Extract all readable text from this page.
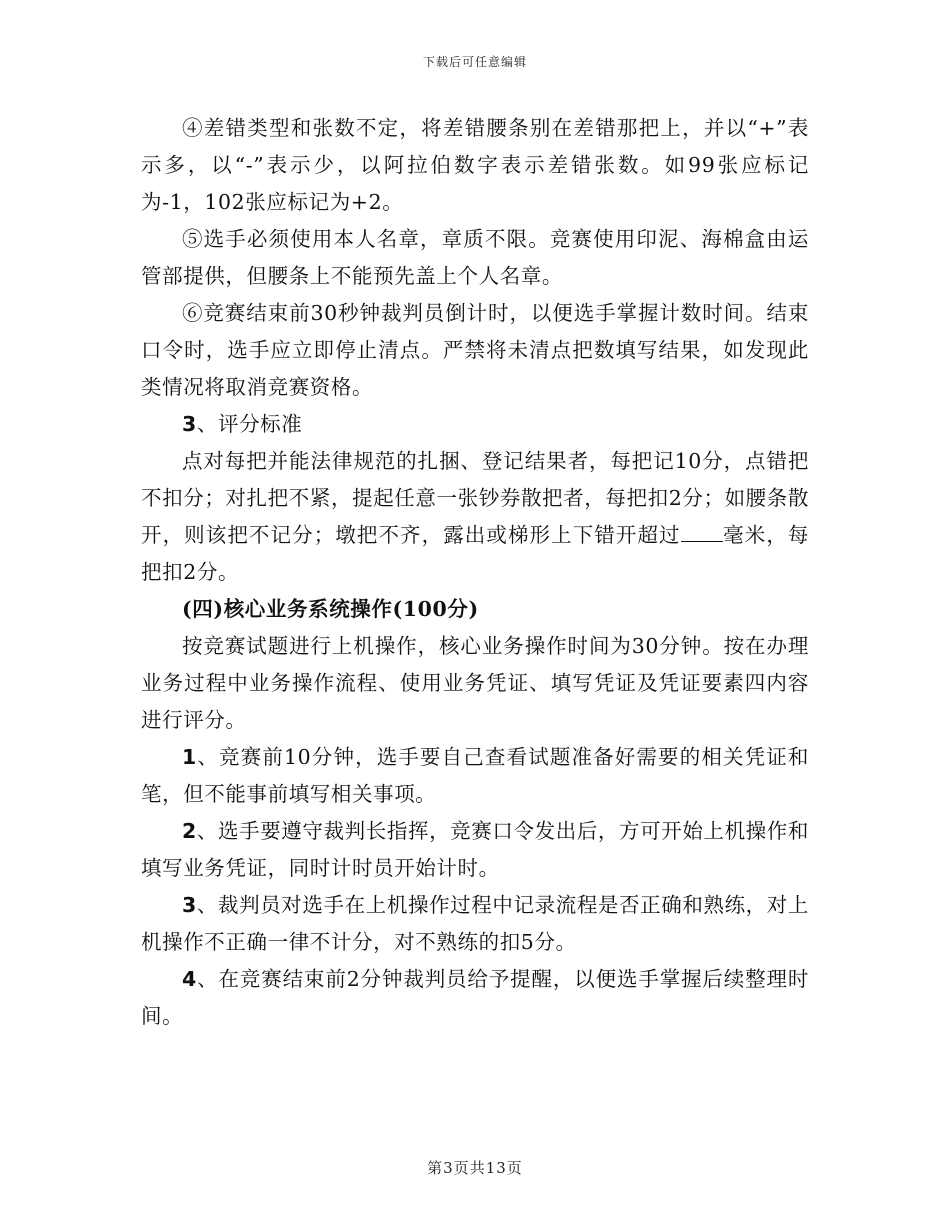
下载后可任意编辑

④差错类型和张数不定，将差错腰条别在差错那把上，并以“+”表示多，以“-”表示少，以阿拉伯数字表示差错张数。如99张应标记为-1，102张应标记为+2。

⑤选手必须使用本人名章，章质不限。竞赛使用印泥、海棉盒由运管部提供，但腰条上不能预先盖上个人名章。

⑥竞赛结束前30秒钟裁判员倒计时，以便选手掌握计数时间。结束口令时，选手应立即停止清点。严禁将未清点把数填写结果，如发现此类情况将取消竞赛资格。

3、评分标准

点对每把并能法律规范的扎捆、登记结果者，每把记10分，点错把不扣分；对扎把不紧，提起任意一张钞券散把者，每把扣2分；如腰条散开，则该把不记分；墩把不齐，露出或梯形上下错开超过 毫米，每把扣2分。

(四)核心业务系统操作(100分)

按竞赛试题进行上机操作，核心业务操作时间为30分钟。按在办理业务过程中业务操作流程、使用业务凭证、填写凭证及凭证要素四内容进行评分。

1、竞赛前10分钟，选手要自己查看试题准备好需要的相关凭证和笔，但不能事前填写相关事项。

2、选手要遵守裁判长指挥，竞赛口令发出后，方可开始上机操作和填写业务凭证，同时计时员开始计时。

3、裁判员对选手在上机操作过程中记录流程是否正确和熟练，对上机操作不正确一律不计分，对不熟练的扣5分。

4、在竞赛结束前2分钟裁判员给予提醒，以便选手掌握后续整理时间。

第3页共13页
